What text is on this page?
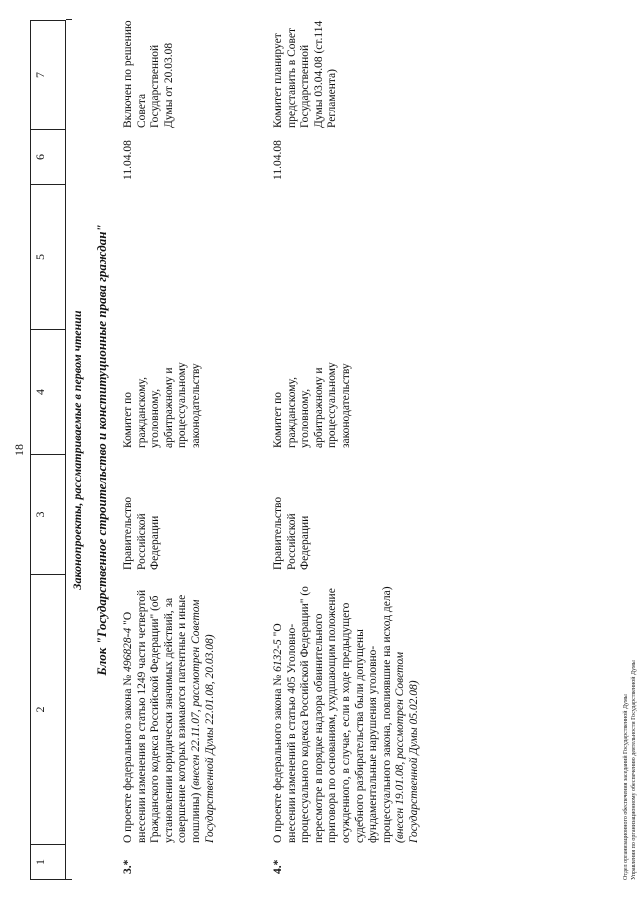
18
1
2
3
4
5
6
7
Законопроекты, рассматриваемые в первом чтении Блок "Государственное строительство и конституционные права граждан"
3.*
О проекте федерального закона № 496828-4 "О внесении изменения в статью 1249 части четвертой Гражданского кодекса Российской Федерации" (об установлении юридически значимых действий, за совершение которых взимаются патентные и иные пошлины) (внесен 22.11.07, рассмотрен Советом Государственной Думы 22.01.08, 20.03.08)
Правительство Российской Федерации
Комитет по гражданскому, уголовному, арбитражному и процессуальному законодательству
11.04.08
Включен по решению Совета Государственной Думы от 20.03.08
4.*
О проекте федерального закона № 6132-5 "О внесении изменений в статью 405 Уголовно-процессуального кодекса Российской Федерации" (о пересмотре в порядке надзора обвинительного приговора по основаниям, ухудшающим положение осужденного, в случае, если в ходе предыдущего судебного разбирательства были допущены фундаментальные нарушения уголовно-процессуального закона, повлиявшие на исход дела) (внесен 19.01.08, рассмотрен Советом Государственной Думы 05.02.08)
Правительство Российской Федерации
Комитет по гражданскому, уголовному, арбитражному и процессуальному законодательству
11.04.08
Комитет планирует представить в Совет Государственной Думы 03.04.08 (ст.114 Регламента)
Отдел организационного обеспечения заседаний Государственной Думы Управления по организационному обеспечению деятельности Государственной Думы
